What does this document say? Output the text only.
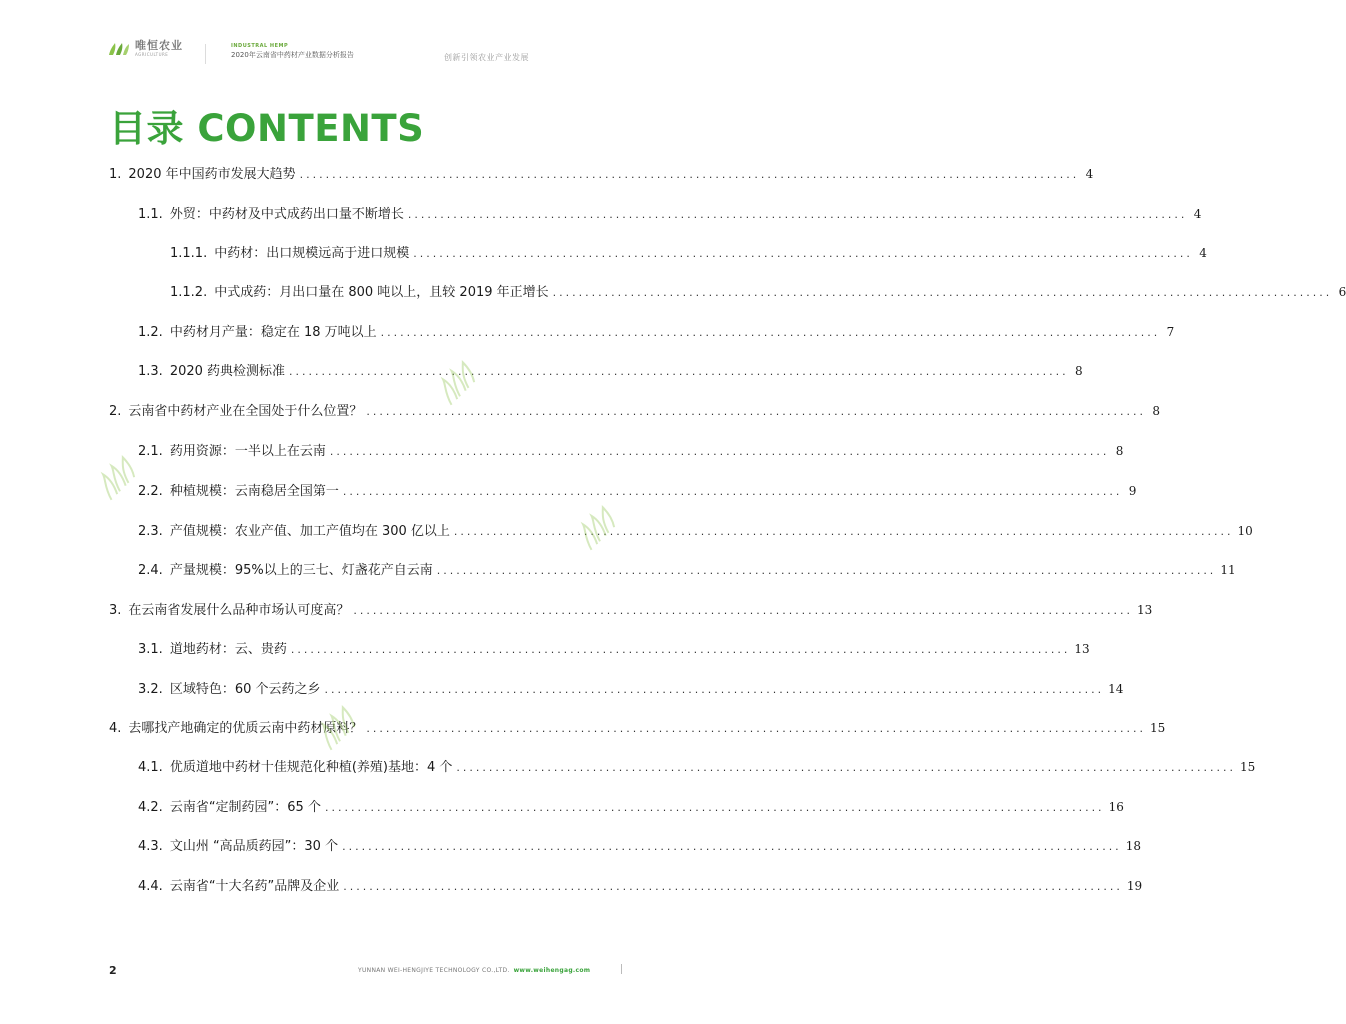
唯恒农业
AGRICULTURE
INDUSTRAL HEMP
2020年云南省中药材产业数据分析报告	创新引领农业产业发展
目录 CONTENTS
1. 2020 年中国药市发展大趋势 ........................................................................................................................ 4
1.1. 外贸：中药材及中式成药出口量不断增长 ........................................................................................................................ 4
1.1.1. 中药材：出口规模远高于进口规模 ........................................................................................................................ 4
1.1.2. 中式成药：月出口量在 800 吨以上，且较 2019 年正增长 ........................................................................................................................ 6
1.2. 中药材月产量：稳定在 18 万吨以上 ........................................................................................................................ 7
1.3. 2020 药典检测标准 ........................................................................................................................ 8
2. 云南省中药材产业在全国处于什么位置？ ........................................................................................................................ 8
2.1. 药用资源：一半以上在云南 ........................................................................................................................ 8
2.2. 种植规模：云南稳居全国第一 ........................................................................................................................ 9
2.3. 产值规模：农业产值、加工产值均在 300 亿以上 ........................................................................................................................ 10
2.4. 产量规模：95%以上的三七、灯盏花产自云南 ........................................................................................................................ 11
3. 在云南省发展什么品种市场认可度高？ ........................................................................................................................ 13
3.1. 道地药材：云、贵药 ........................................................................................................................ 13
3.2. 区域特色：60 个云药之乡 ........................................................................................................................ 14
4. 去哪找产地确定的优质云南中药材原料？ ........................................................................................................................ 15
4.1. 优质道地中药材十佳规范化种植(养殖)基地：4 个 ........................................................................................................................ 15
4.2. 云南省“定制药园”：65 个 ........................................................................................................................ 16
4.3. 文山州 “高品质药园”：30 个 ........................................................................................................................ 18
4.4. 云南省“十大名药”品牌及企业 ........................................................................................................................ 19
2	YUNNAN WEI-HENGJIYE TECHNOLOGY CO.,LTD. www.weihengag.com
